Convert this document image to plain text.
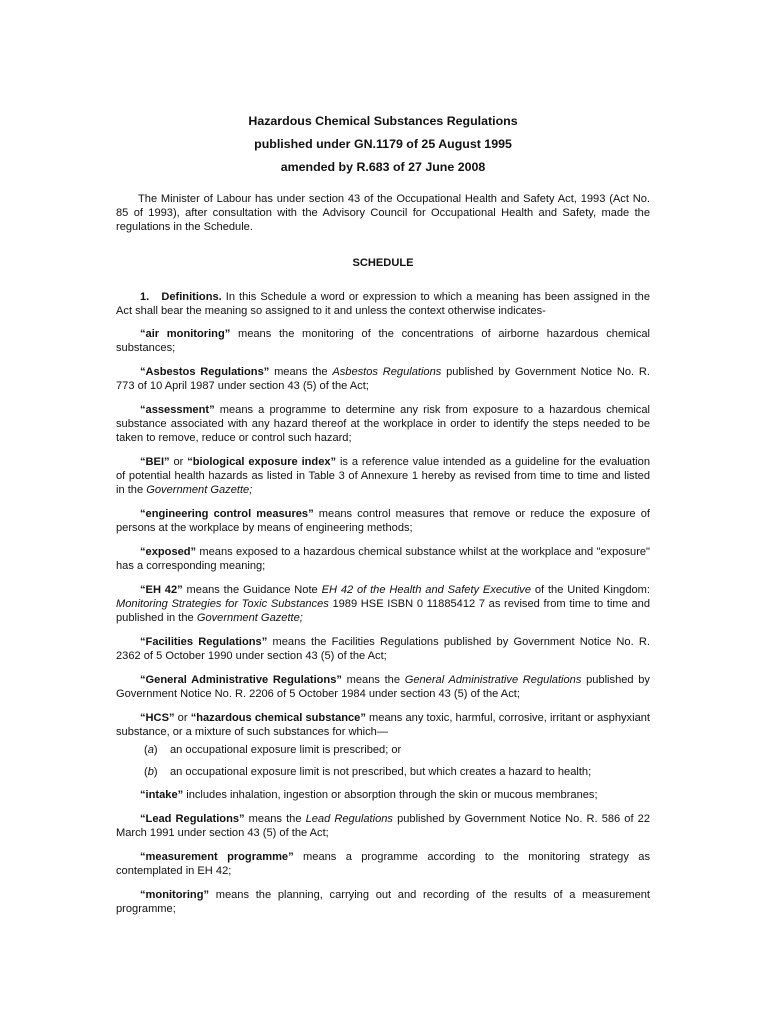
Hazardous Chemical Substances Regulations
published under GN.1179 of 25 August 1995
amended by R.683 of 27 June 2008

The Minister of Labour has under section 43 of the Occupational Health and Safety Act, 1993 (Act No. 85 of 1993), after consultation with the Advisory Council for Occupational Health and Safety, made the regulations in the Schedule.

SCHEDULE

1. Definitions. In this Schedule a word or expression to which a meaning has been assigned in the Act shall bear the meaning so assigned to it and unless the context otherwise indicates-

“air monitoring” means the monitoring of the concentrations of airborne hazardous chemical substances;

“Asbestos Regulations” means the Asbestos Regulations published by Government Notice No. R. 773 of 10 April 1987 under section 43 (5) of the Act;

“assessment” means a programme to determine any risk from exposure to a hazardous chemical substance associated with any hazard thereof at the workplace in order to identify the steps needed to be taken to remove, reduce or control such hazard;

“BEI” or “biological exposure index” is a reference value intended as a guideline for the evaluation of potential health hazards as listed in Table 3 of Annexure 1 hereby as revised from time to time and listed in the Government Gazette;

“engineering control measures” means control measures that remove or reduce the exposure of persons at the workplace by means of engineering methods;

“exposed” means exposed to a hazardous chemical substance whilst at the workplace and "exposure" has a corresponding meaning;

“EH 42” means the Guidance Note EH 42 of the Health and Safety Executive of the United Kingdom: Monitoring Strategies for Toxic Substances 1989 HSE ISBN 0 11885412 7 as revised from time to time and published in the Government Gazette;

“Facilities Regulations” means the Facilities Regulations published by Government Notice No. R. 2362 of 5 October 1990 under section 43 (5) of the Act;

“General Administrative Regulations” means the General Administrative Regulations published by Government Notice No. R. 2206 of 5 October 1984 under section 43 (5) of the Act;

“HCS” or “hazardous chemical substance” means any toxic, harmful, corrosive, irritant or asphyxiant substance, or a mixture of such substances for which—

(a)	an occupational exposure limit is prescribed; or
(b)	an occupational exposure limit is not prescribed, but which creates a hazard to health;

“intake” includes inhalation, ingestion or absorption through the skin or mucous membranes;

“Lead Regulations” means the Lead Regulations published by Government Notice No. R. 586 of 22 March 1991 under section 43 (5) of the Act;

“measurement programme” means a programme according to the monitoring strategy as contemplated in EH 42;

“monitoring” means the planning, carrying out and recording of the results of a measurement programme;
